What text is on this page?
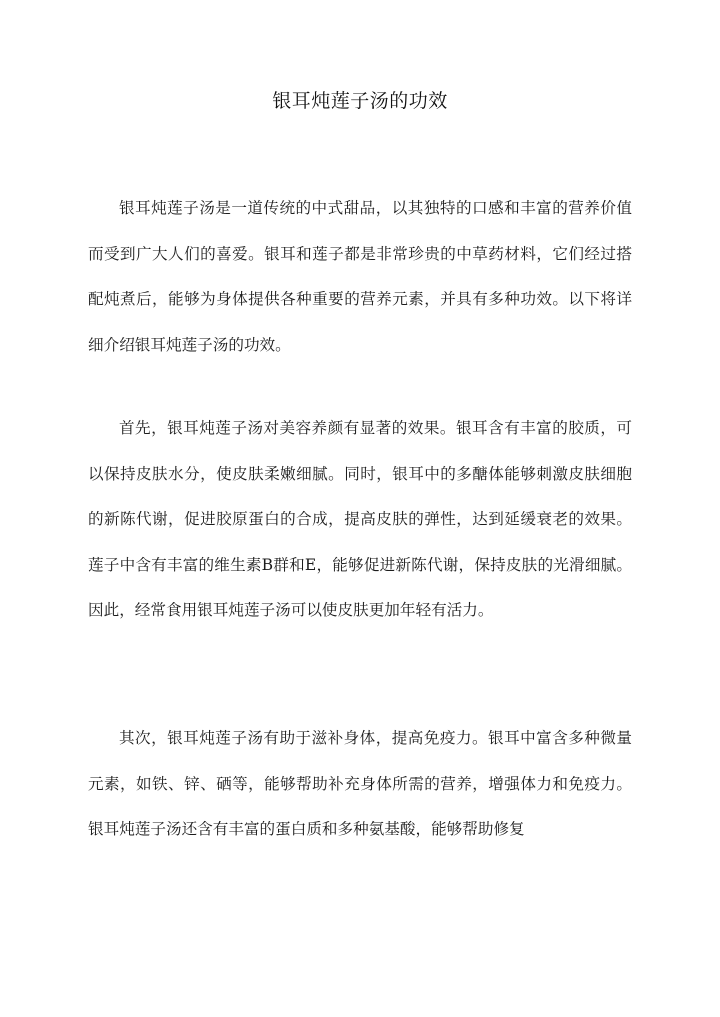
银耳炖莲子汤的功效

银耳炖莲子汤是一道传统的中式甜品，以其独特的口感和丰富的营养价值而受到广大人们的喜爱。银耳和莲子都是非常珍贵的中草药材料，它们经过搭配炖煮后，能够为身体提供各种重要的营养元素，并具有多种功效。以下将详细介绍银耳炖莲子汤的功效。

首先，银耳炖莲子汤对美容养颜有显著的效果。银耳含有丰富的胶质，可以保持皮肤水分，使皮肤柔嫩细腻。同时，银耳中的多醣体能够刺激皮肤细胞的新陈代谢，促进胶原蛋白的合成，提高皮肤的弹性，达到延缓衰老的效果。莲子中含有丰富的维生素B群和E，能够促进新陈代谢，保持皮肤的光滑细腻。因此，经常食用银耳炖莲子汤可以使皮肤更加年轻有活力。

其次，银耳炖莲子汤有助于滋补身体，提高免疫力。银耳中富含多种微量元素，如铁、锌、硒等，能够帮助补充身体所需的营养，增强体力和免疫力。银耳炖莲子汤还含有丰富的蛋白质和多种氨基酸，能够帮助修复
